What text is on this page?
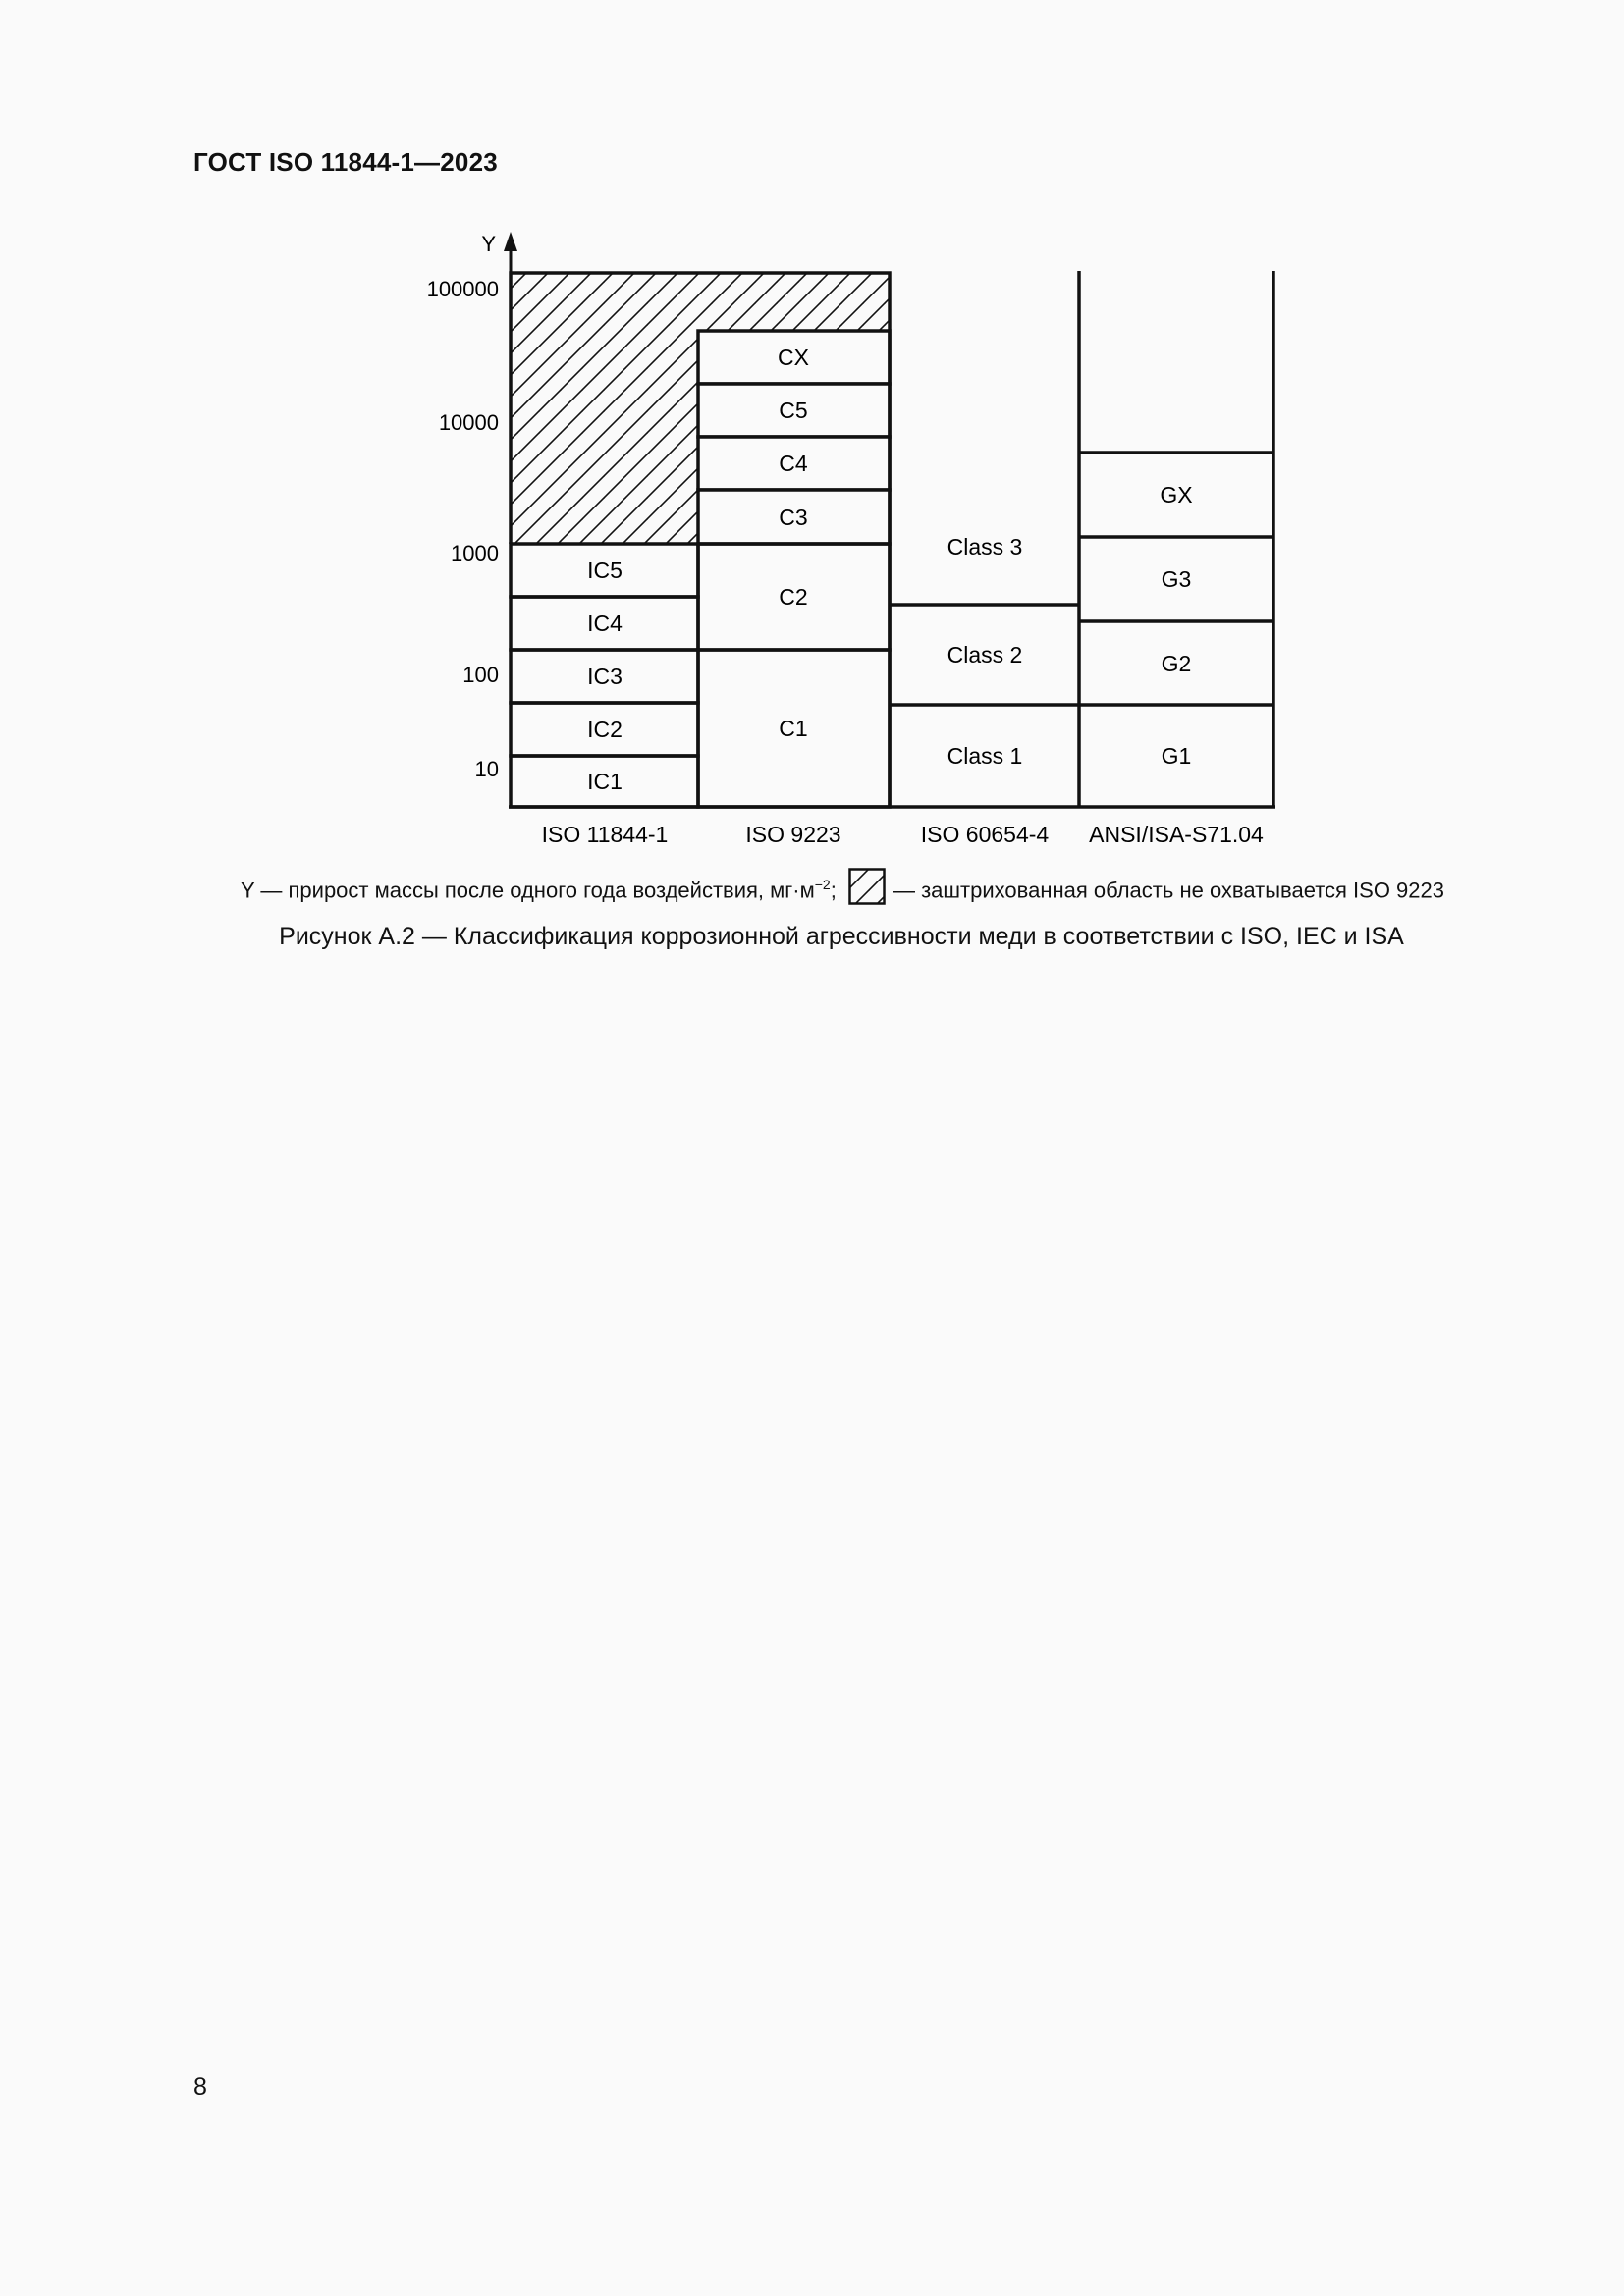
ГОСТ ISO 11844-1—2023
Y
100000
10000
1000
100
10
IC5
IC4
IC3
IC2
IC1
CX
C5
C4
C3
C2
C1
Class 3
Class 2
Class 1
GX
G3
G2
G1
ISO 11844-1	ISO 9223	ISO 60654-4 ANSI/ISA-S71.04
Y — прирост массы после одного года воздействия, $мг\cdot м^{-2}$;	— заштрихованная область не охватывается ISO 9223
Рисунок А.2 — Классификация коррозионной агрессивности меди в соответствии с ISO, IEC и ISA
8
